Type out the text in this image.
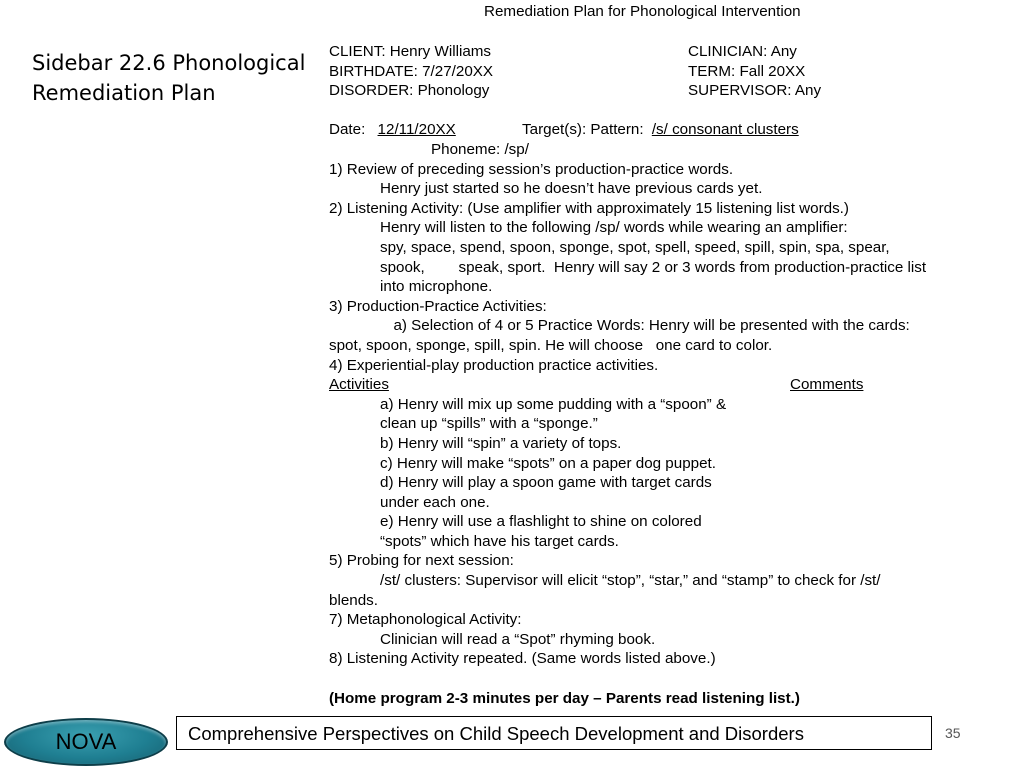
Sidebar 22.6 Phonological Remediation Plan
Remediation Plan for Phonological Intervention
CLIENT: Henry Williams
BIRTHDATE: 7/27/20XX
DISORDER: Phonology
CLINICIAN: Any
TERM: Fall 20XX
SUPERVISOR: Any
Date: 12/11/20XX	Target(s): Pattern: /s/ consonant clusters
Phoneme: /sp/
1) Review of preceding session’s production-practice words.
Henry just started so he doesn’t have previous cards yet.
2) Listening Activity: (Use amplifier with approximately 15 listening list words.)
Henry will listen to the following /sp/ words while wearing an amplifier:
spy, space, spend, spoon, sponge, spot, spell, speed, spill, spin, spa, spear,
spook,        speak, sport.  Henry will say 2 or 3 words from production-practice list
into microphone.
3) Production-Practice Activities:
a) Selection of 4 or 5 Practice Words: Henry will be presented with the cards:
spot, spoon, sponge, spill, spin. He will choose   one card to color.
4) Experiential-play production practice activities.
Activities	Comments
a) Henry will mix up some pudding with a “spoon” &
clean up “spills” with a “sponge.”
b) Henry will “spin” a variety of tops.
c) Henry will make “spots” on a paper dog puppet.
d) Henry will play a spoon game with target cards
under each one.
e) Henry will use a flashlight to shine on colored
“spots” which have his target cards.
5) Probing for next session:
/st/ clusters: Supervisor will elicit “stop”, “star,” and “stamp” to check for /st/
blends.
7) Metaphonological Activity:
Clinician will read a “Spot” rhyming book.
8) Listening Activity repeated. (Same words listed above.)
(Home program 2-3 minutes per day – Parents read listening list.)
NOVA	Comprehensive Perspectives on Child Speech Development and Disorders	35
